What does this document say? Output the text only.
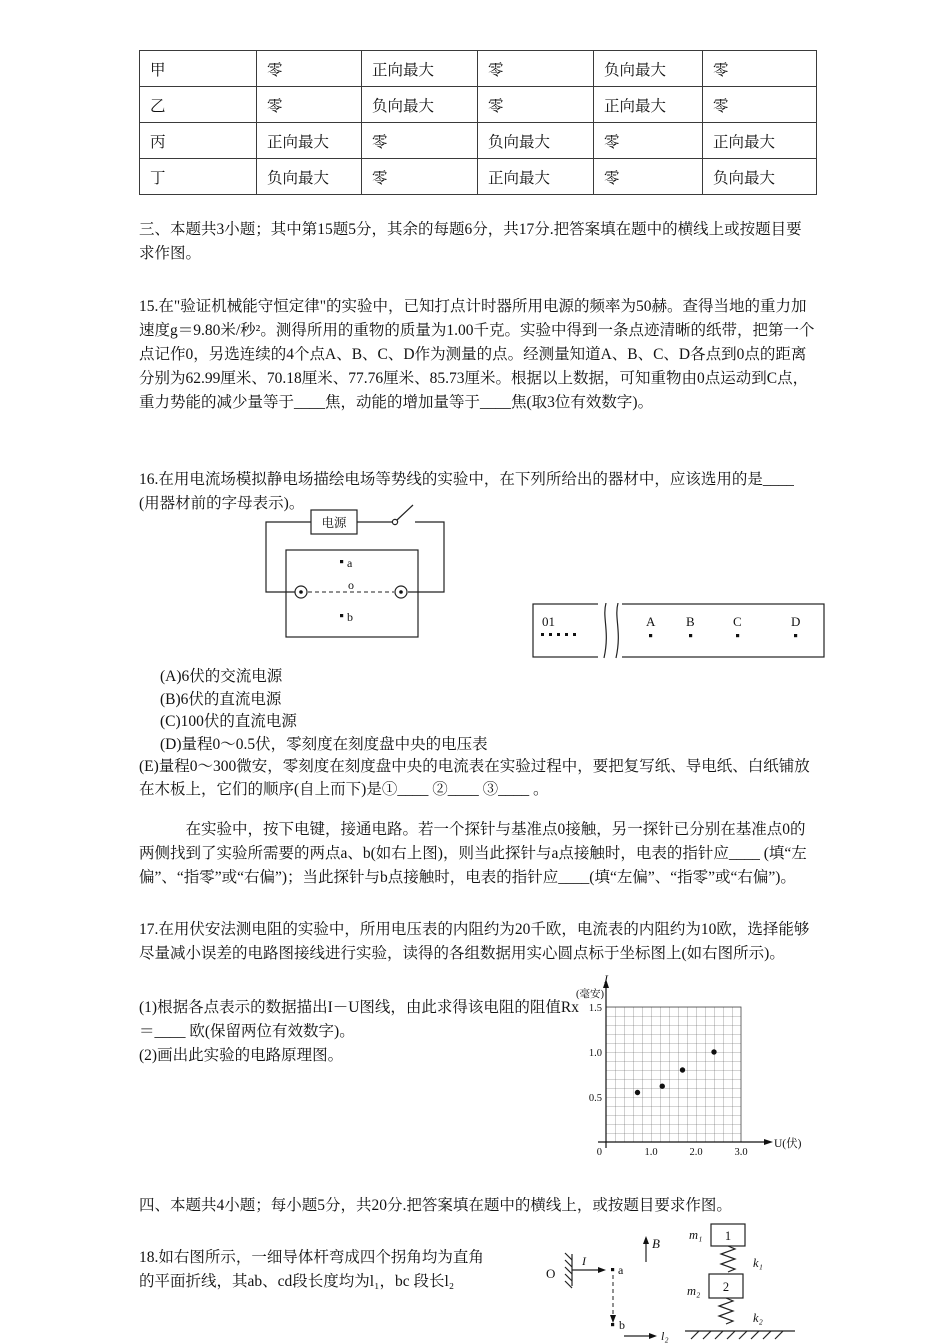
甲	零	正向最大	零	负向最大	零
乙	零	负向最大	零	正向最大	零
丙	正向最大	零	负向最大	零	正向最大
丁	负向最大	零	正向最大	零	负向最大
三、本题共3小题；其中第15题5分，其余的每题6分，共17分.把答案填在题中的横线上或按题目要求作图。
15.在"验证机械能守恒定律"的实验中，已知打点计时器所用电源的频率为50赫。查得当地的重力加速度g＝9.80米/秒²。测得所用的重物的质量为1.00千克。实验中得到一条点迹清晰的纸带，把第一个点记作0，另选连续的4个点A、B、C、D作为测量的点。经测量知道A、B、C、D各点到0点的距离分别为62.99厘米、70.18厘米、77.76厘米、85.73厘米。根据以上数据，可知重物由0点运动到C点，重力势能的减少量等于____焦，动能的增加量等于____焦(取3位有效数字)。
16.在用电流场模拟静电场描绘电场等势线的实验中，在下列所给出的器材中，应该选用的是____ (用器材前的字母表示)。
电源
a
o
b	01	A B	C	D
(A)6伏的交流电源
(B)6伏的直流电源
(C)100伏的直流电源
(D)量程0～0.5伏，零刻度在刻度盘中央的电压表
(E)量程0～300微安，零刻度在刻度盘中央的电流表在实验过程中，要把复写纸、导电纸、白纸铺放在木板上，它们的顺序(自上而下)是①____ ②____ ③____ 。
在实验中，按下电键，接通电路。若一个探针与基准点0接触，另一探针已分别在基准点0的两侧找到了实验所需要的两点a、b(如右上图)，则当此探针与a点接触时，电表的指针应____ (填“左偏”、“指零”或“右偏”)；当此探针与b点接触时，电表的指针应____(填“左偏”、“指零”或“右偏”)。
17.在用伏安法测电阻的实验中，所用电压表的内阻约为20千欧，电流表的内阻约为10欧，选择能够尽量减小误差的电路图接线进行实验，读得的各组数据用实心圆点标于坐标图上(如右图所示)。
(1)根据各点表示的数据描出I－U图线，由此求得该电阻的阻值Rx＝____ 欧(保留两位有效数字)。
(2)画出此实验的电路原理图。
I
(毫安)
U(伏)
1.5
1.0
0.5
0	1.0	2.0	3.0
四、本题共4小题；每小题5分，共20分.把答案填在题中的横线上，或按题目要求作图。
18.如右图所示，一细导体杆弯成四个拐角均为直角的平面折线，其ab、cd段长度均为l₁，bc 段长l₂	O
I
a
B
b
l₂
m₁ 1
k₁
m₂ 2
k₂
